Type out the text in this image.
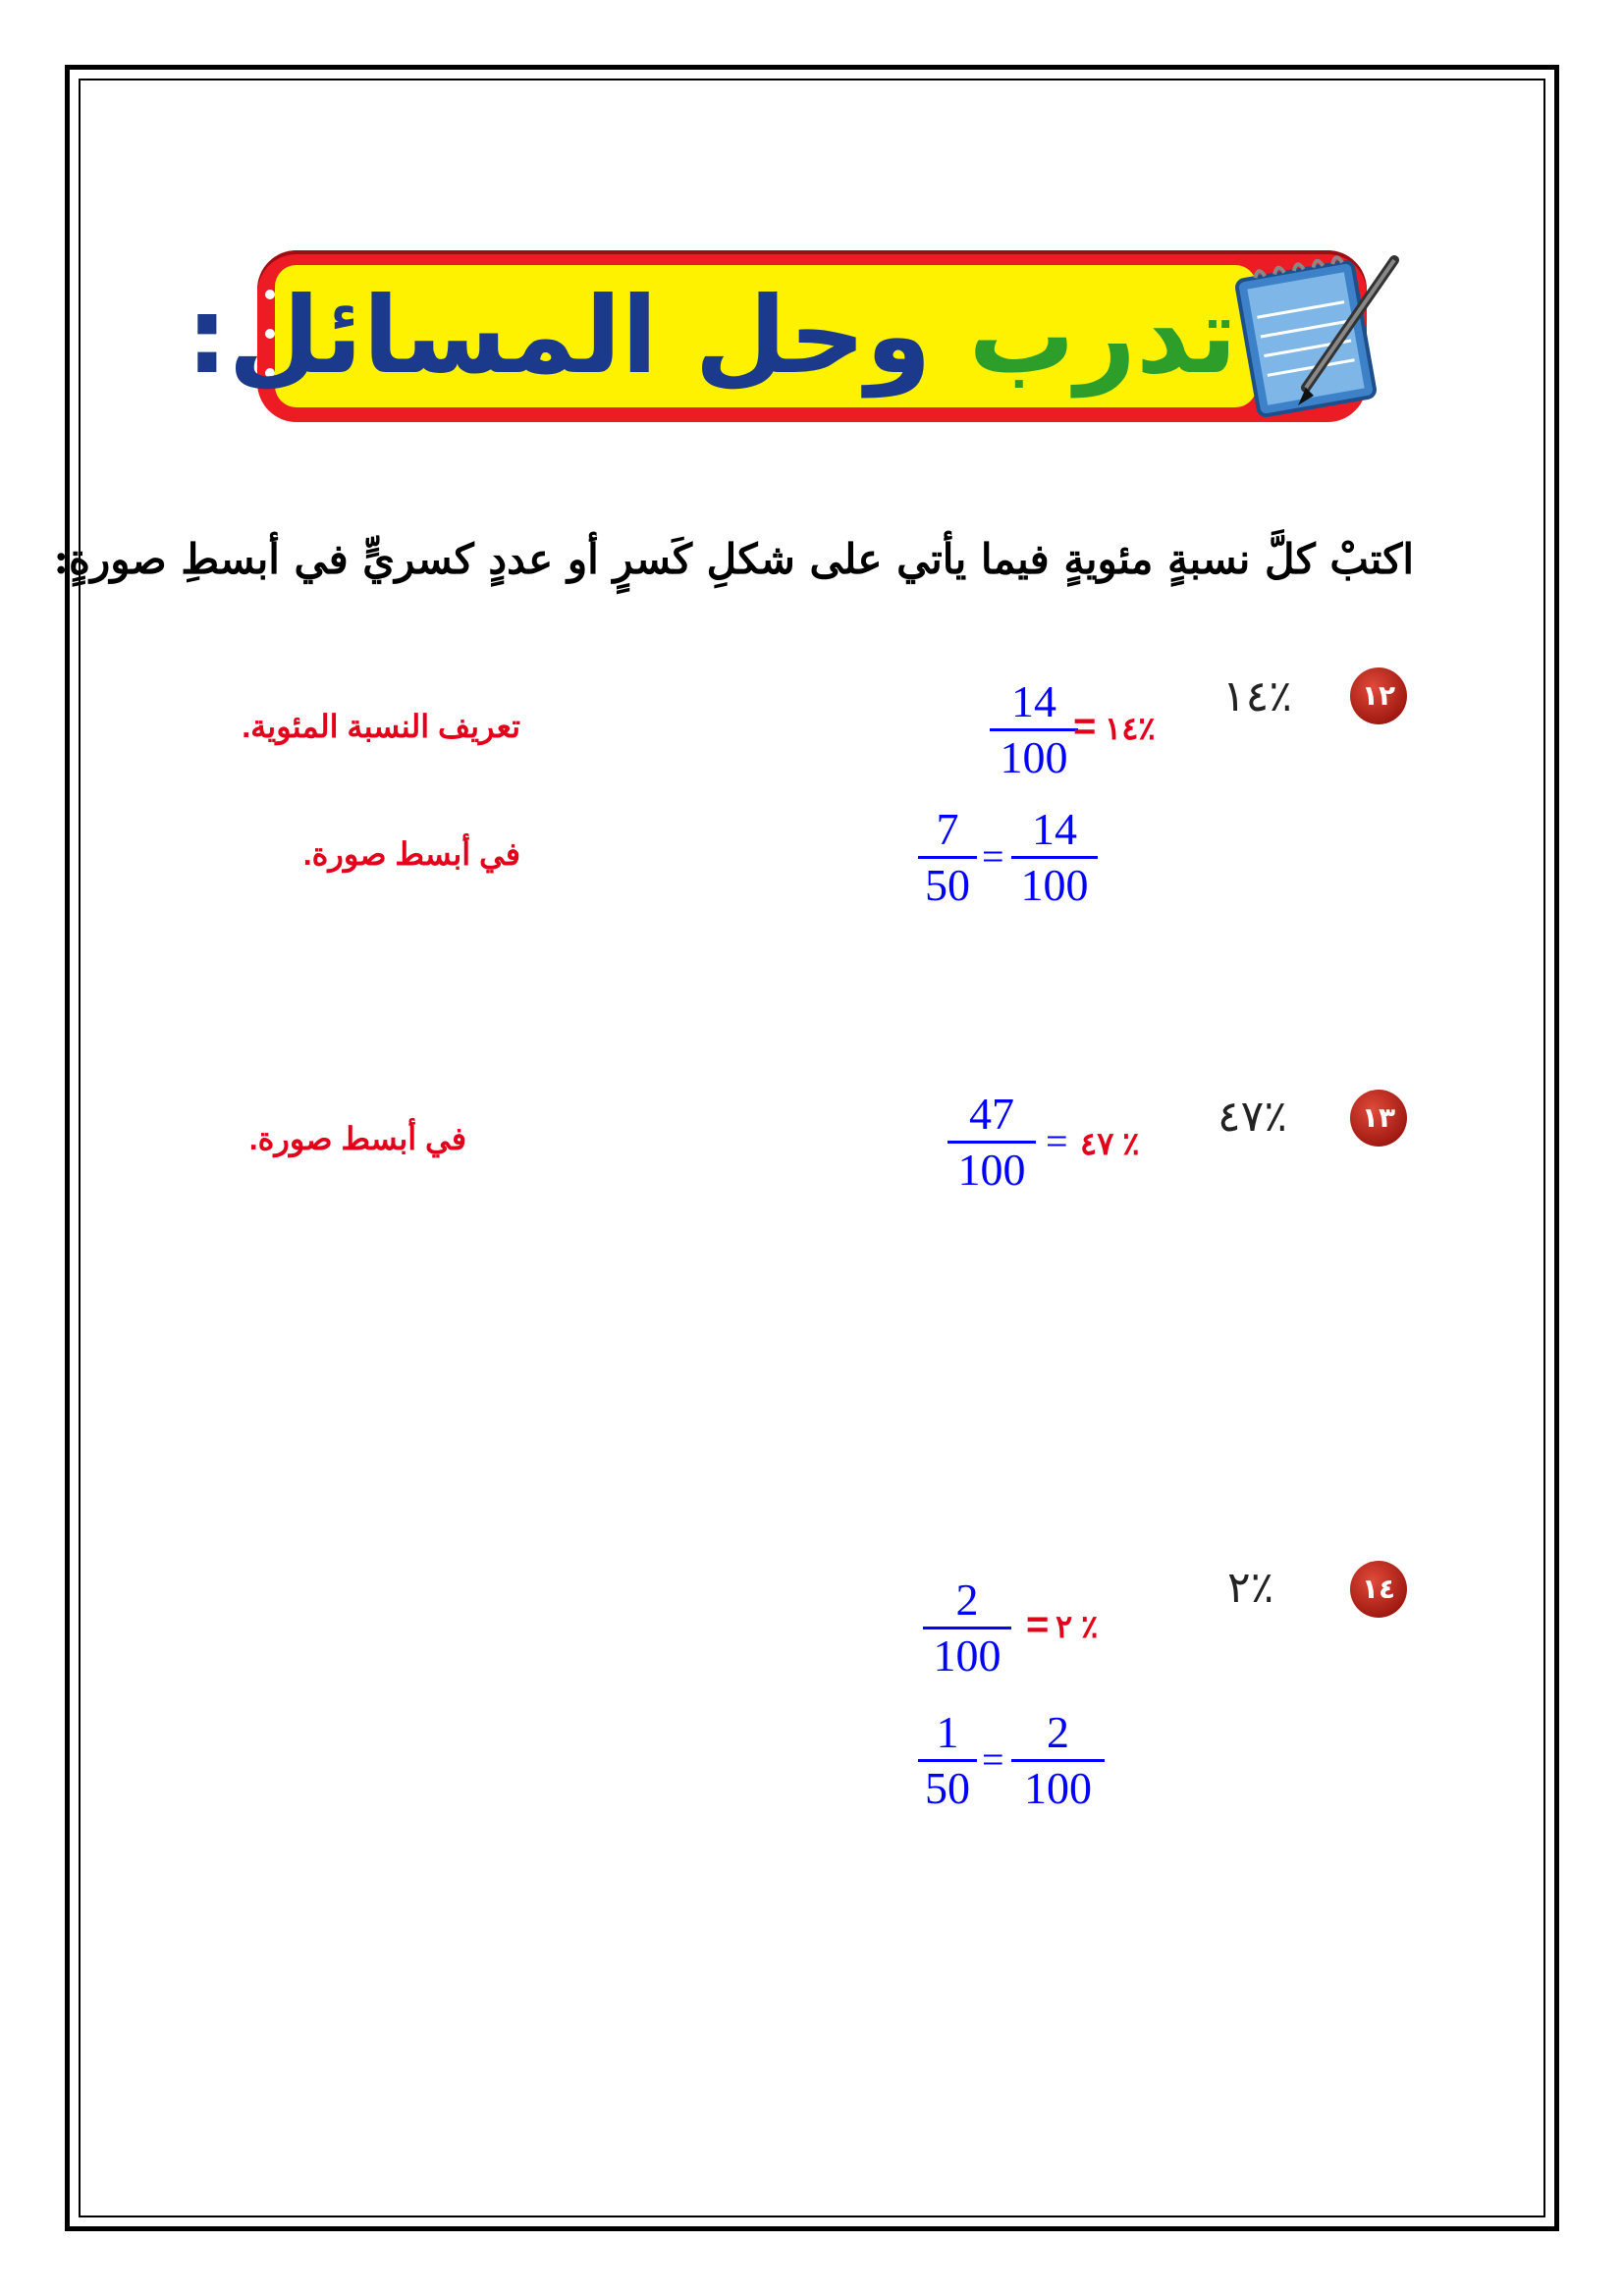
تدرب وحل المسائل:
اكتبْ كلَّ نسبةٍ مئويةٍ فيما يأتي على شكلِ كَسرٍ أو عددٍ كسريٍّ في أبسطِ صورةٍ:
١٢
٪١٤
14
100
= ٪١٤
تعريف النسبة المئوية.
7
50
=
14
100
في أبسط صورة.
١٣
٪٤٧
47
100
= ٪ ٤٧
في أبسط صورة.
١٤
٪٢
2
100
= ٪ ٢
1
50
=
2
100
